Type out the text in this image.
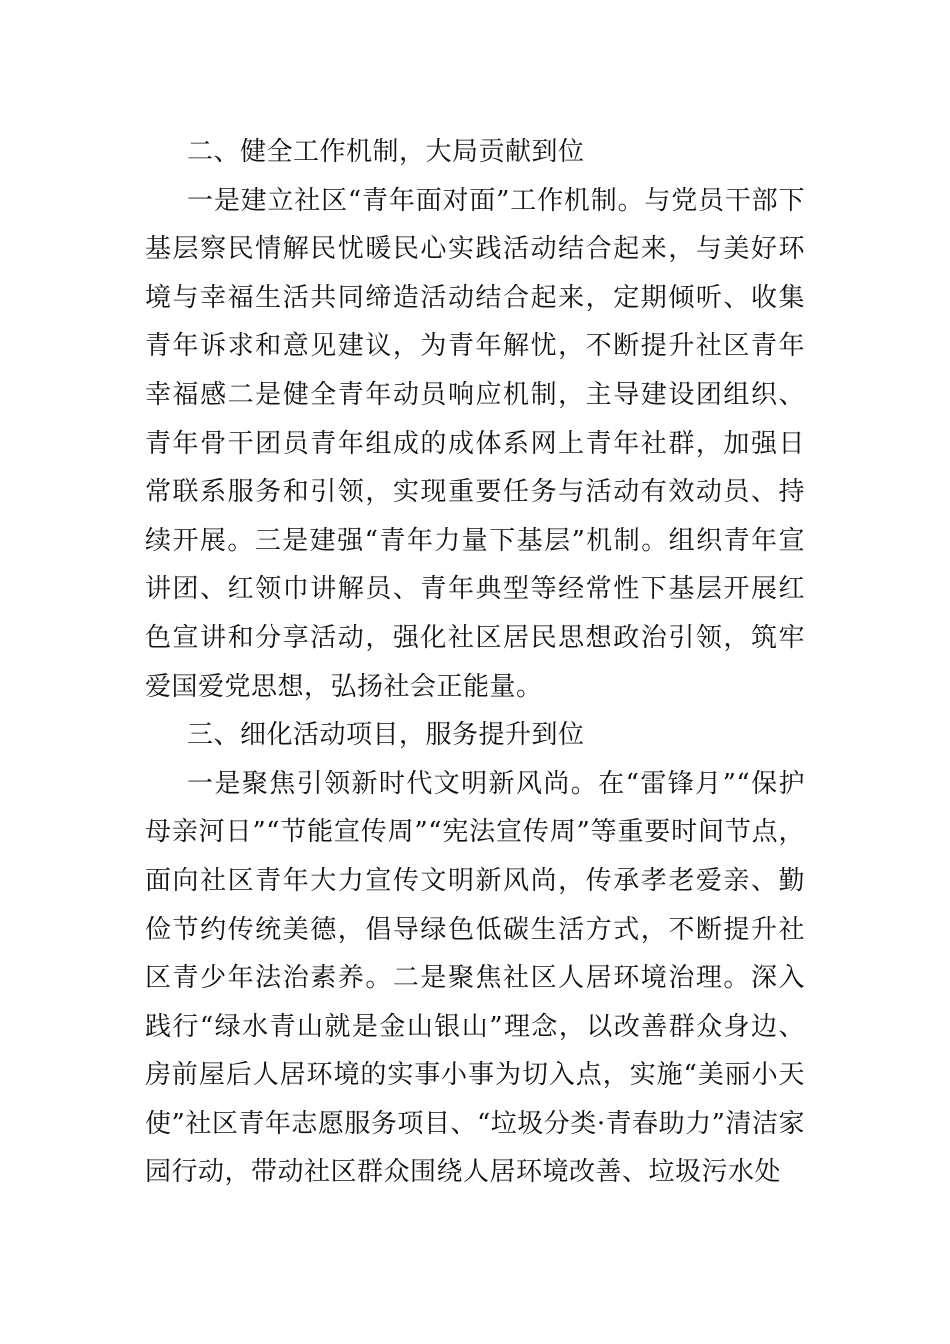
二、健全工作机制，大局贡献到位

一是建立社区“青年面对面”工作机制。与党员干部下基层察民情解民忧暖民心实践活动结合起来，与美好环境与幸福生活共同缔造活动结合起来，定期倾听、收集青年诉求和意见建议，为青年解忧，不断提升社区青年幸福感二是健全青年动员响应机制，主导建设团组织、青年骨干团员青年组成的成体系网上青年社群，加强日常联系服务和引领，实现重要任务与活动有效动员、持续开展。三是建强“青年力量下基层”机制。组织青年宣讲团、红领巾讲解员、青年典型等经常性下基层开展红色宣讲和分享活动，强化社区居民思想政治引领，筑牢爱国爱党思想，弘扬社会正能量。

三、细化活动项目，服务提升到位

一是聚焦引领新时代文明新风尚。在“雷锋月”“保护母亲河日”“节能宣传周”“宪法宣传周”等重要时间节点，面向社区青年大力宣传文明新风尚，传承孝老爱亲、勤俭节约传统美德，倡导绿色低碳生活方式，不断提升社区青少年法治素养。二是聚焦社区人居环境治理。深入践行“绿水青山就是金山银山”理念，以改善群众身边、房前屋后人居环境的实事小事为切入点，实施“美丽小天使”社区青年志愿服务项目、“垃圾分类·青春助力”清洁家园行动，带动社区群众围绕人居环境改善、垃圾污水处
